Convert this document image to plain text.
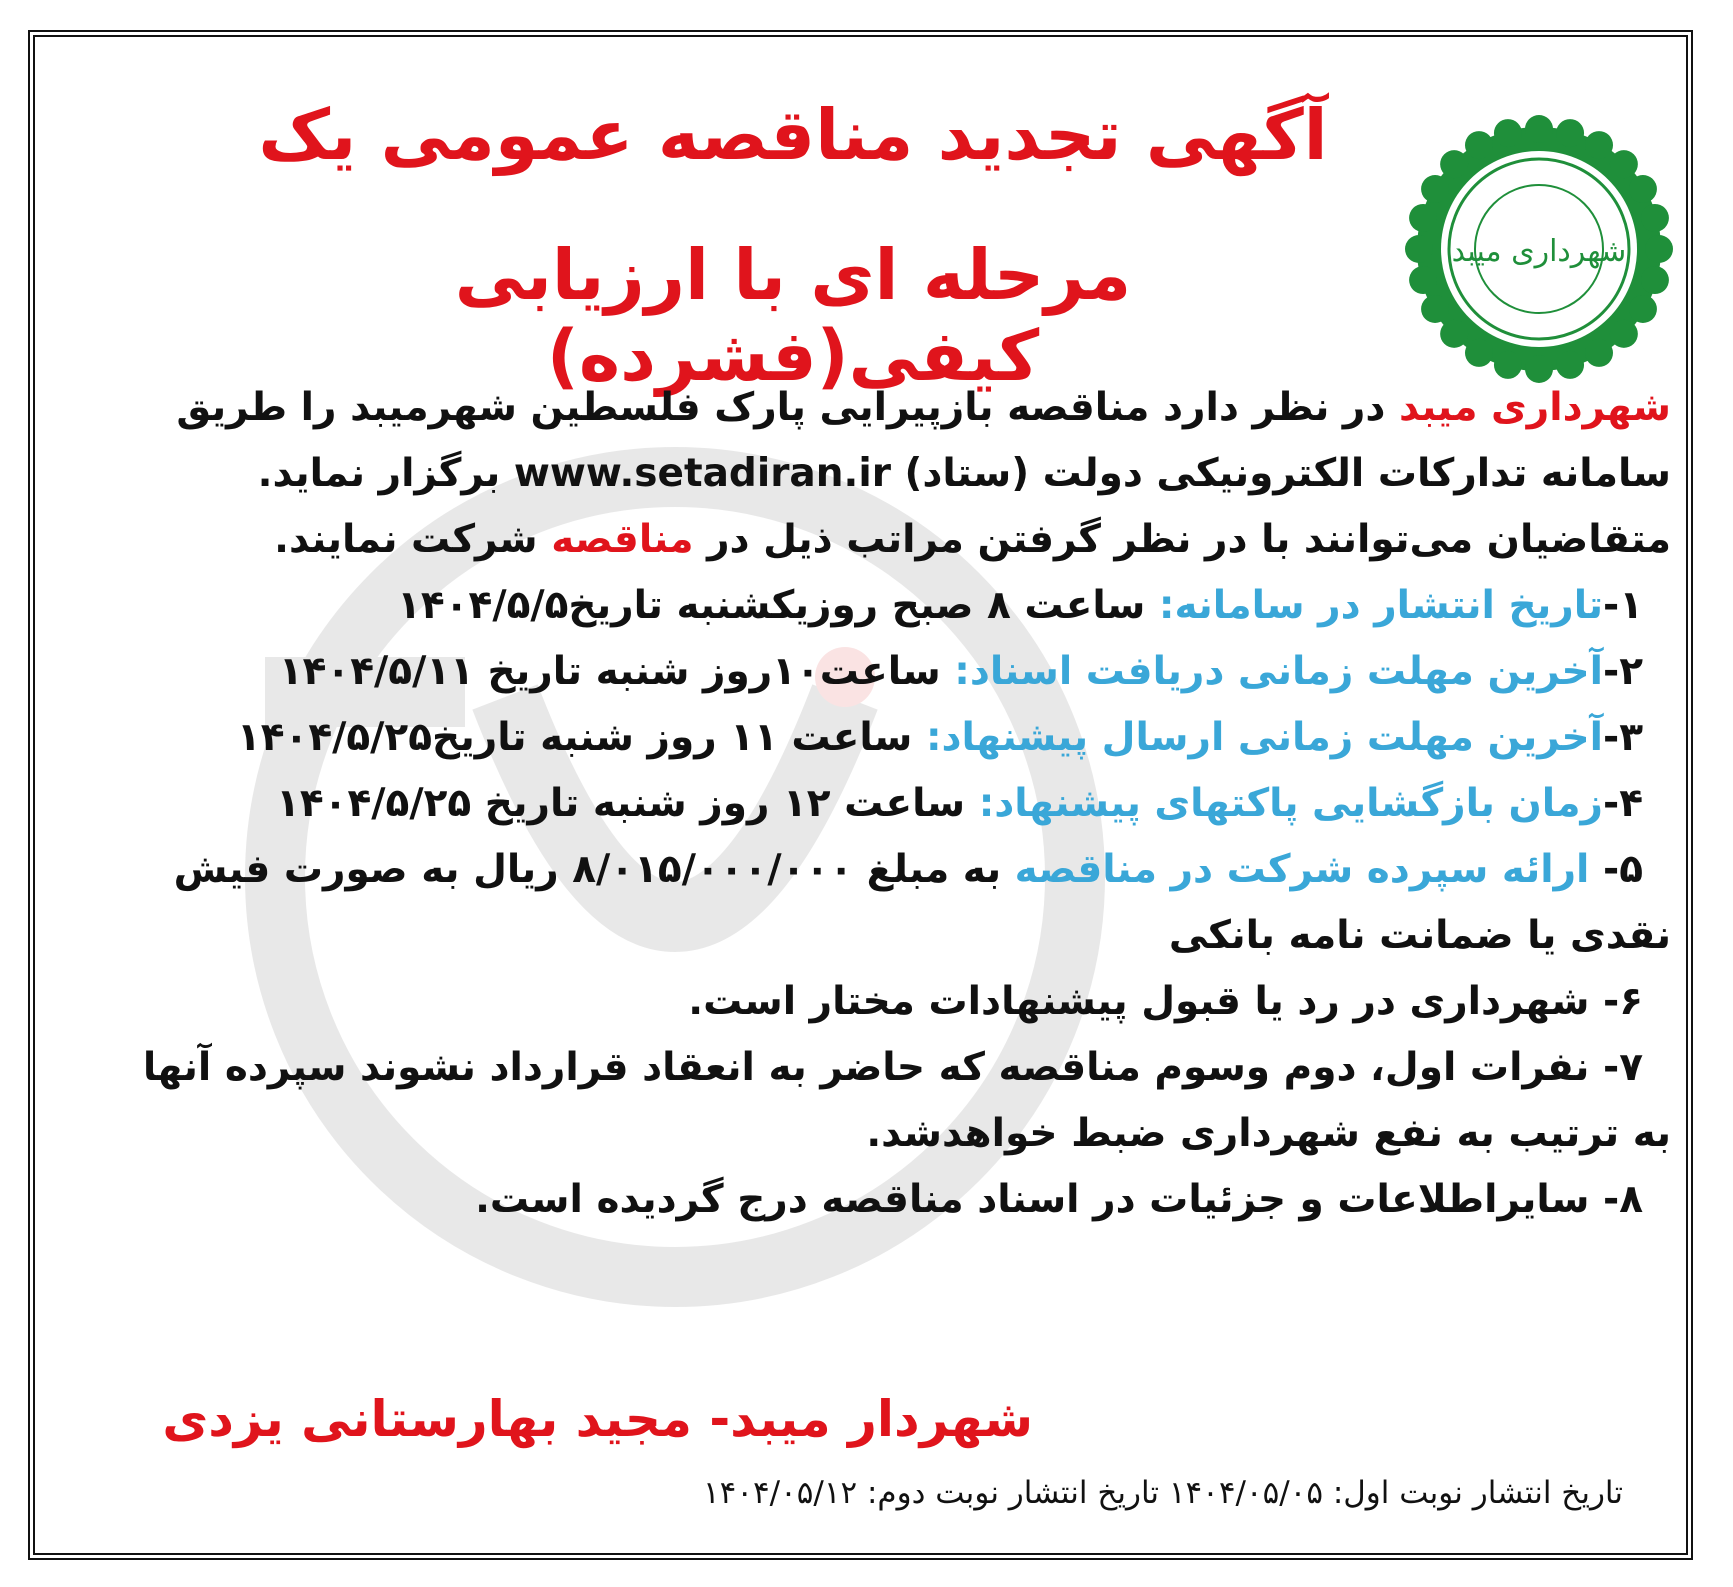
شهرداری میبد
آگهی تجدید مناقصه عمومی یک
مرحله ای با ارزیابی کیفی(فشرده)
شهرداری میبد در نظر دارد مناقصه بازپیرایی پارک فلسطین شهرمیبد را طریق
سامانه تدارکات الکترونیکی دولت (ستاد) www.setadiran.ir برگزار نماید.
متقاضیان می‌توانند با در نظر گرفتن مراتب ذیل در مناقصه شرکت نمایند.
۱-تاریخ انتشار در سامانه: ساعت ۸ صبح روزیکشنبه تاریخ۱۴۰۴/۵/۵
۲-آخرین مهلت زمانی دریافت اسناد: ساعت۱۰روز شنبه تاریخ ۱۴۰۴/۵/۱۱
۳-آخرین مهلت زمانی ارسال پیشنهاد: ساعت ۱۱ روز شنبه تاریخ۱۴۰۴/۵/۲۵
۴-زمان بازگشایی پاکتهای پیشنهاد: ساعت ۱۲ روز شنبه تاریخ ۱۴۰۴/۵/۲۵
۵- ارائه سپرده شرکت در مناقصه به مبلغ ۸/۰۱۵/۰۰۰/۰۰۰ ریال به صورت فیش
نقدی یا ضمانت نامه بانکی
۶- شهرداری در رد یا قبول پیشنهادات مختار است.
۷- نفرات اول، دوم وسوم مناقصه که حاضر به انعقاد قرارداد نشوند سپرده آنها
به ترتیب به نفع شهرداری ضبط خواهدشد.
۸- سایراطلاعات و جزئیات در اسناد مناقصه درج گردیده است.
شهردار میبد- مجید بهارستانی یزدی
تاریخ انتشار نوبت اول: ۱۴۰۴/۰۵/۰۵ تاریخ انتشار نوبت دوم: ۱۴۰۴/۰۵/۱۲
